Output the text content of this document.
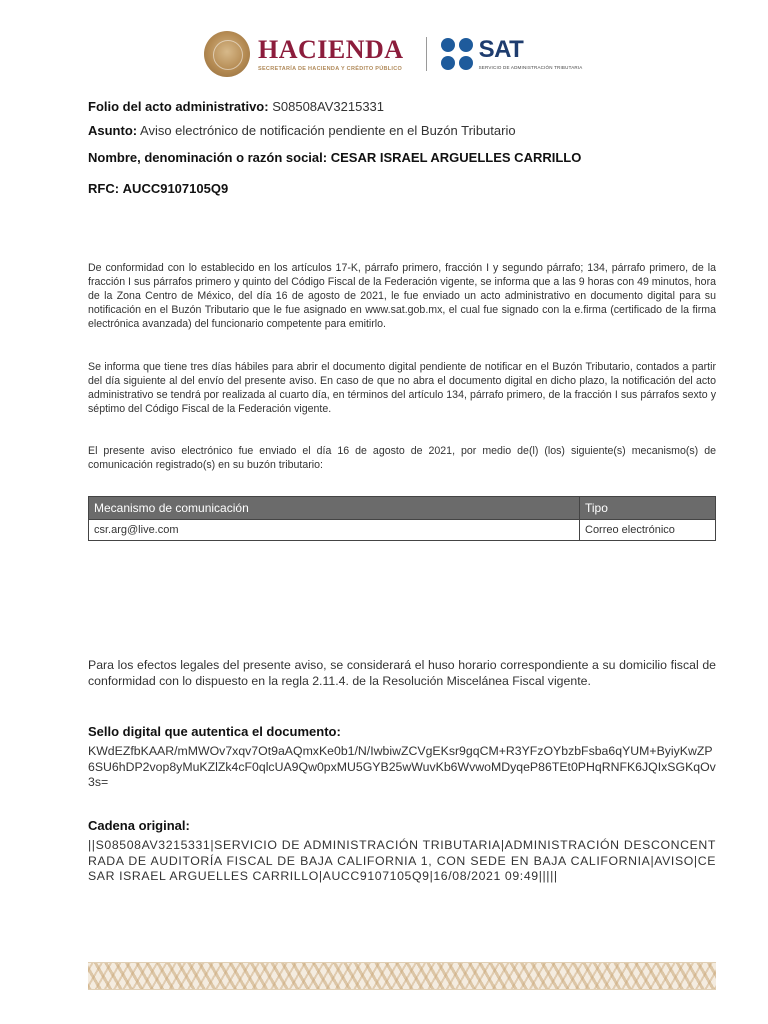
HACIENDA
SECRETARÍA DE HACIENDA Y CRÉDITO PÚBLICO
SAT
SERVICIO DE ADMINISTRACIÓN TRIBUTARIA
Folio del acto administrativo: S08508AV3215331
Asunto: Aviso electrónico de notificación pendiente en el Buzón Tributario
Nombre, denominación o razón social: CESAR ISRAEL ARGUELLES CARRILLO
RFC: AUCC9107105Q9
De conformidad con lo establecido en los artículos 17-K, párrafo primero, fracción I y segundo párrafo; 134, párrafo primero, de la fracción I sus párrafos primero y quinto del Código Fiscal de la Federación vigente, se informa que a las 9 horas con 49 minutos, hora de la Zona Centro de México, del día 16 de agosto de 2021, le fue enviado un acto administrativo en documento digital para su notificación en el Buzón Tributario que le fue asignado en www.sat.gob.mx, el cual fue signado con la e.firma (certificado de la firma electrónica avanzada) del funcionario competente para emitirlo.
Se informa que tiene tres días hábiles para abrir el documento digital pendiente de notificar en el Buzón Tributario, contados a partir del día siguiente al del envío del presente aviso. En caso de que no abra el documento digital en dicho plazo, la notificación del acto administrativo se tendrá por realizada al cuarto día, en términos del artículo 134, párrafo primero, de la fracción I sus párrafos sexto y séptimo del Código Fiscal de la Federación vigente.
El presente aviso electrónico fue enviado el día 16 de agosto de 2021, por medio de(l) (los) siguiente(s) mecanismo(s) de comunicación registrado(s) en su buzón tributario:
Mecanismo de comunicación	Tipo
csr.arg@live.com	Correo electrónico
Para los efectos legales del presente aviso, se considerará el huso horario correspondiente a su domicilio fiscal de conformidad con lo dispuesto en la regla 2.11.4. de la Resolución Miscelánea Fiscal vigente.
Sello digital que autentica el documento:
KWdEZfbKAAR/mMWOv7xqv7Ot9aAQmxKe0b1/N/IwbiwZCVgEKsr9gqCM+R3YFzOYbzbFsba6qYUM+ByiyKwZP6SU6hDP2vop8yMuKZlZk4cF0qlcUA9Qw0pxMU5GYB25wWuvKb6WvwoMDyqeP86TEt0PHqRNFK6JQIxSGKqOv3s=
Cadena original:
||S08508AV3215331|SERVICIO DE ADMINISTRACIÓN TRIBUTARIA|ADMINISTRACIÓN DESCONCENTRADA DE AUDITORÍA FISCAL DE BAJA CALIFORNIA 1, CON SEDE EN BAJA CALIFORNIA|AVISO|CESAR ISRAEL ARGUELLES CARRILLO|AUCC9107105Q9|16/08/2021 09:49|||||
